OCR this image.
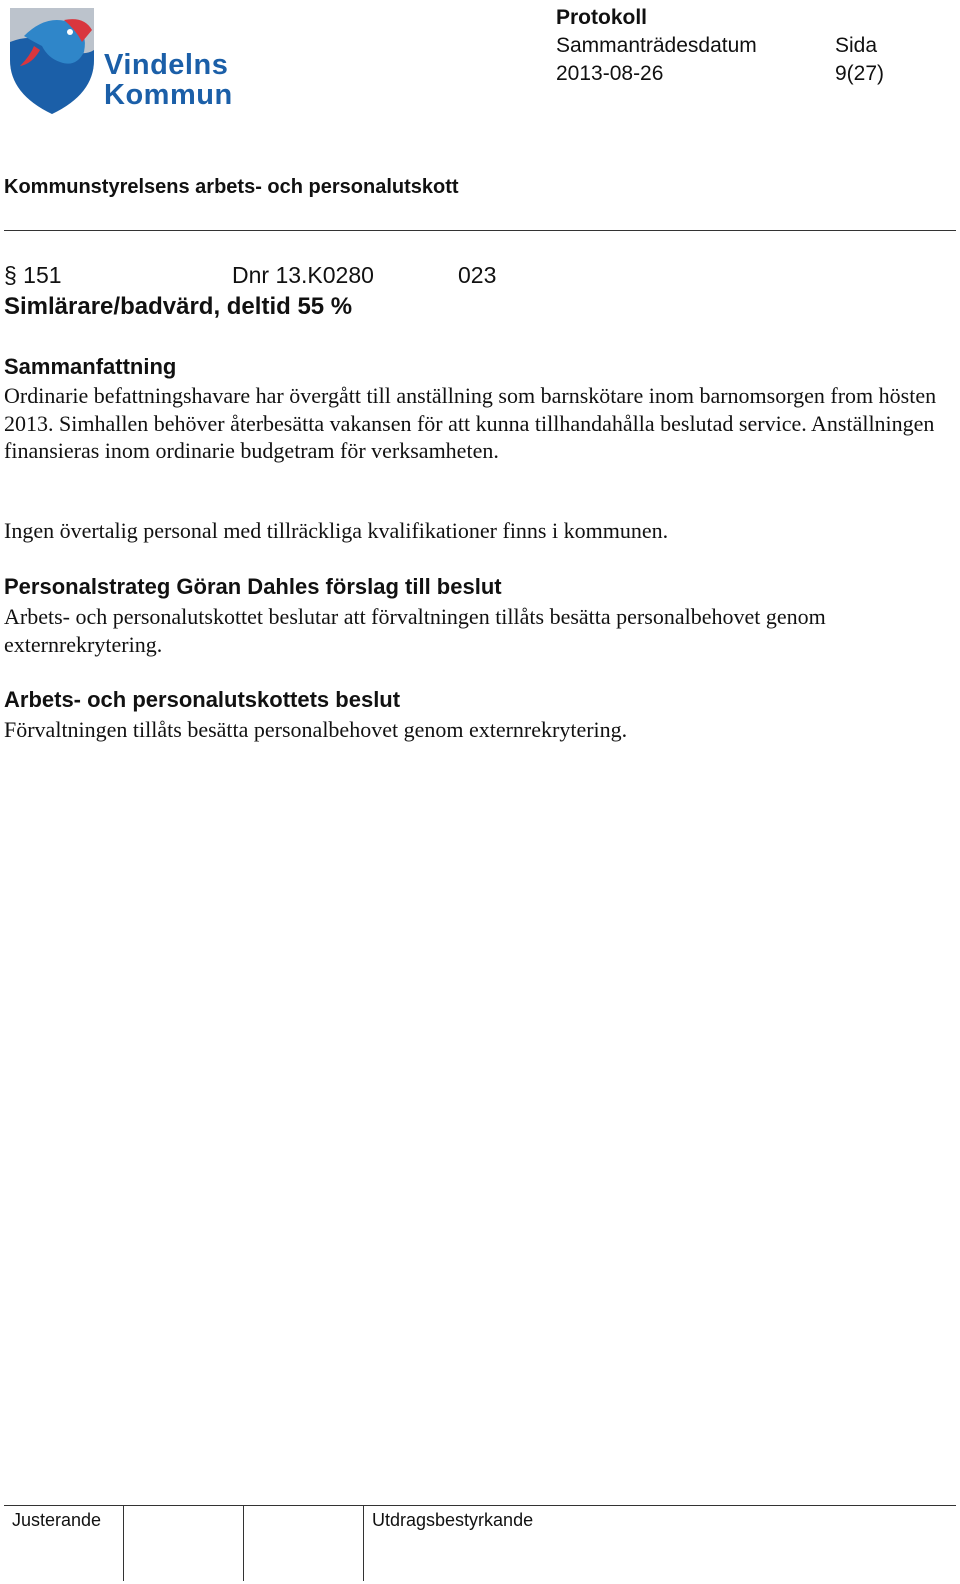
Vindelns
Kommun
Protokoll
Sammanträdesdatum	Sida
2013-08-26	9(27)
Kommunstyrelsens arbets- och personalutskott
§ 151	Dnr 13.K0280	023
Simlärare/badvärd, deltid 55 %
Sammanfattning

Ordinarie befattningshavare har övergått till anställning som barnskötare inom barnomsorgen from hösten 2013. Simhallen behöver återbesätta vakansen för att kunna tillhandahålla beslutad service. Anställningen finansieras inom ordinarie budgetram för verksamheten.

Ingen övertalig personal med tillräckliga kvalifikationer finns i kommunen.

Personalstrateg Göran Dahles förslag till beslut

Arbets- och personalutskottet beslutar att förvaltningen tillåts besätta personalbehovet genom externrekrytering.

Arbets- och personalutskottets beslut

Förvaltningen tillåts besätta personalbehovet genom externrekrytering.

Justerande	Utdragsbestyrkande
